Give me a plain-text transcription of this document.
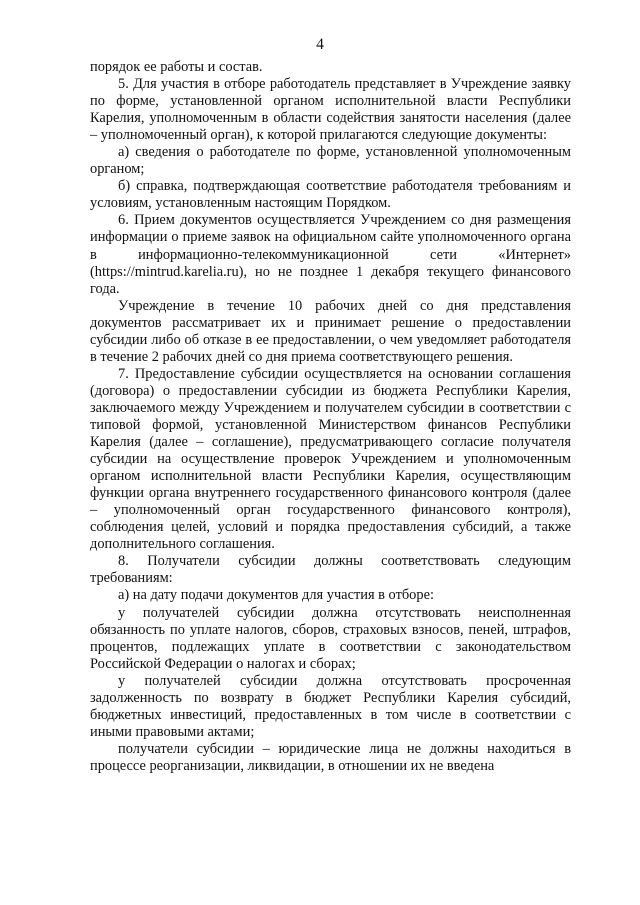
4

порядок ее работы и состав.

5. Для участия в отборе работодатель представляет в Учреждение заявку по форме, установленной органом исполнительной власти Республики Карелия, уполномоченным в области содействия занятости населения (далее – уполномоченный орган), к которой прилагаются следующие документы:

а) сведения о работодателе по форме, установленной уполномоченным органом;

б) справка, подтверждающая соответствие работодателя требованиям и условиям, установленным настоящим Порядком.

6. Прием документов осуществляется Учреждением со дня размещения информации о приеме заявок на официальном сайте уполномоченного органа в информационно-телекоммуникационной сети «Интернет» (https://mintrud.karelia.ru), но не позднее 1 декабря текущего финансового года.

Учреждение в течение 10 рабочих дней со дня представления документов рассматривает их и принимает решение о предоставлении субсидии либо об отказе в ее предоставлении, о чем уведомляет работодателя в течение 2 рабочих дней со дня приема соответствующего решения.

7. Предоставление субсидии осуществляется на основании соглашения (договора) о предоставлении субсидии из бюджета Республики Карелия, заключаемого между Учреждением и получателем субсидии в соответствии с типовой формой, установленной Министерством финансов Республики Карелия (далее – соглашение), предусматривающего согласие получателя субсидии на осуществление проверок Учреждением и уполномоченным органом исполнительной власти Республики Карелия, осуществляющим функции органа внутреннего государственного финансового контроля (далее – уполномоченный орган государственного финансового контроля), соблюдения целей, условий и порядка предоставления субсидий, а также дополнительного соглашения.

8. Получатели субсидии должны соответствовать следующим требованиям:

а) на дату подачи документов для участия в отборе:

у получателей субсидии должна отсутствовать неисполненная обязанность по уплате налогов, сборов, страховых взносов, пеней, штрафов, процентов, подлежащих уплате в соответствии с законодательством Российской Федерации о налогах и сборах;

у получателей субсидии должна отсутствовать просроченная задолженность по возврату в бюджет Республики Карелия субсидий, бюджетных инвестиций, предоставленных в том числе в соответствии с иными правовыми актами;

получатели субсидии – юридические лица не должны находиться в процессе реорганизации, ликвидации, в отношении их не введена
